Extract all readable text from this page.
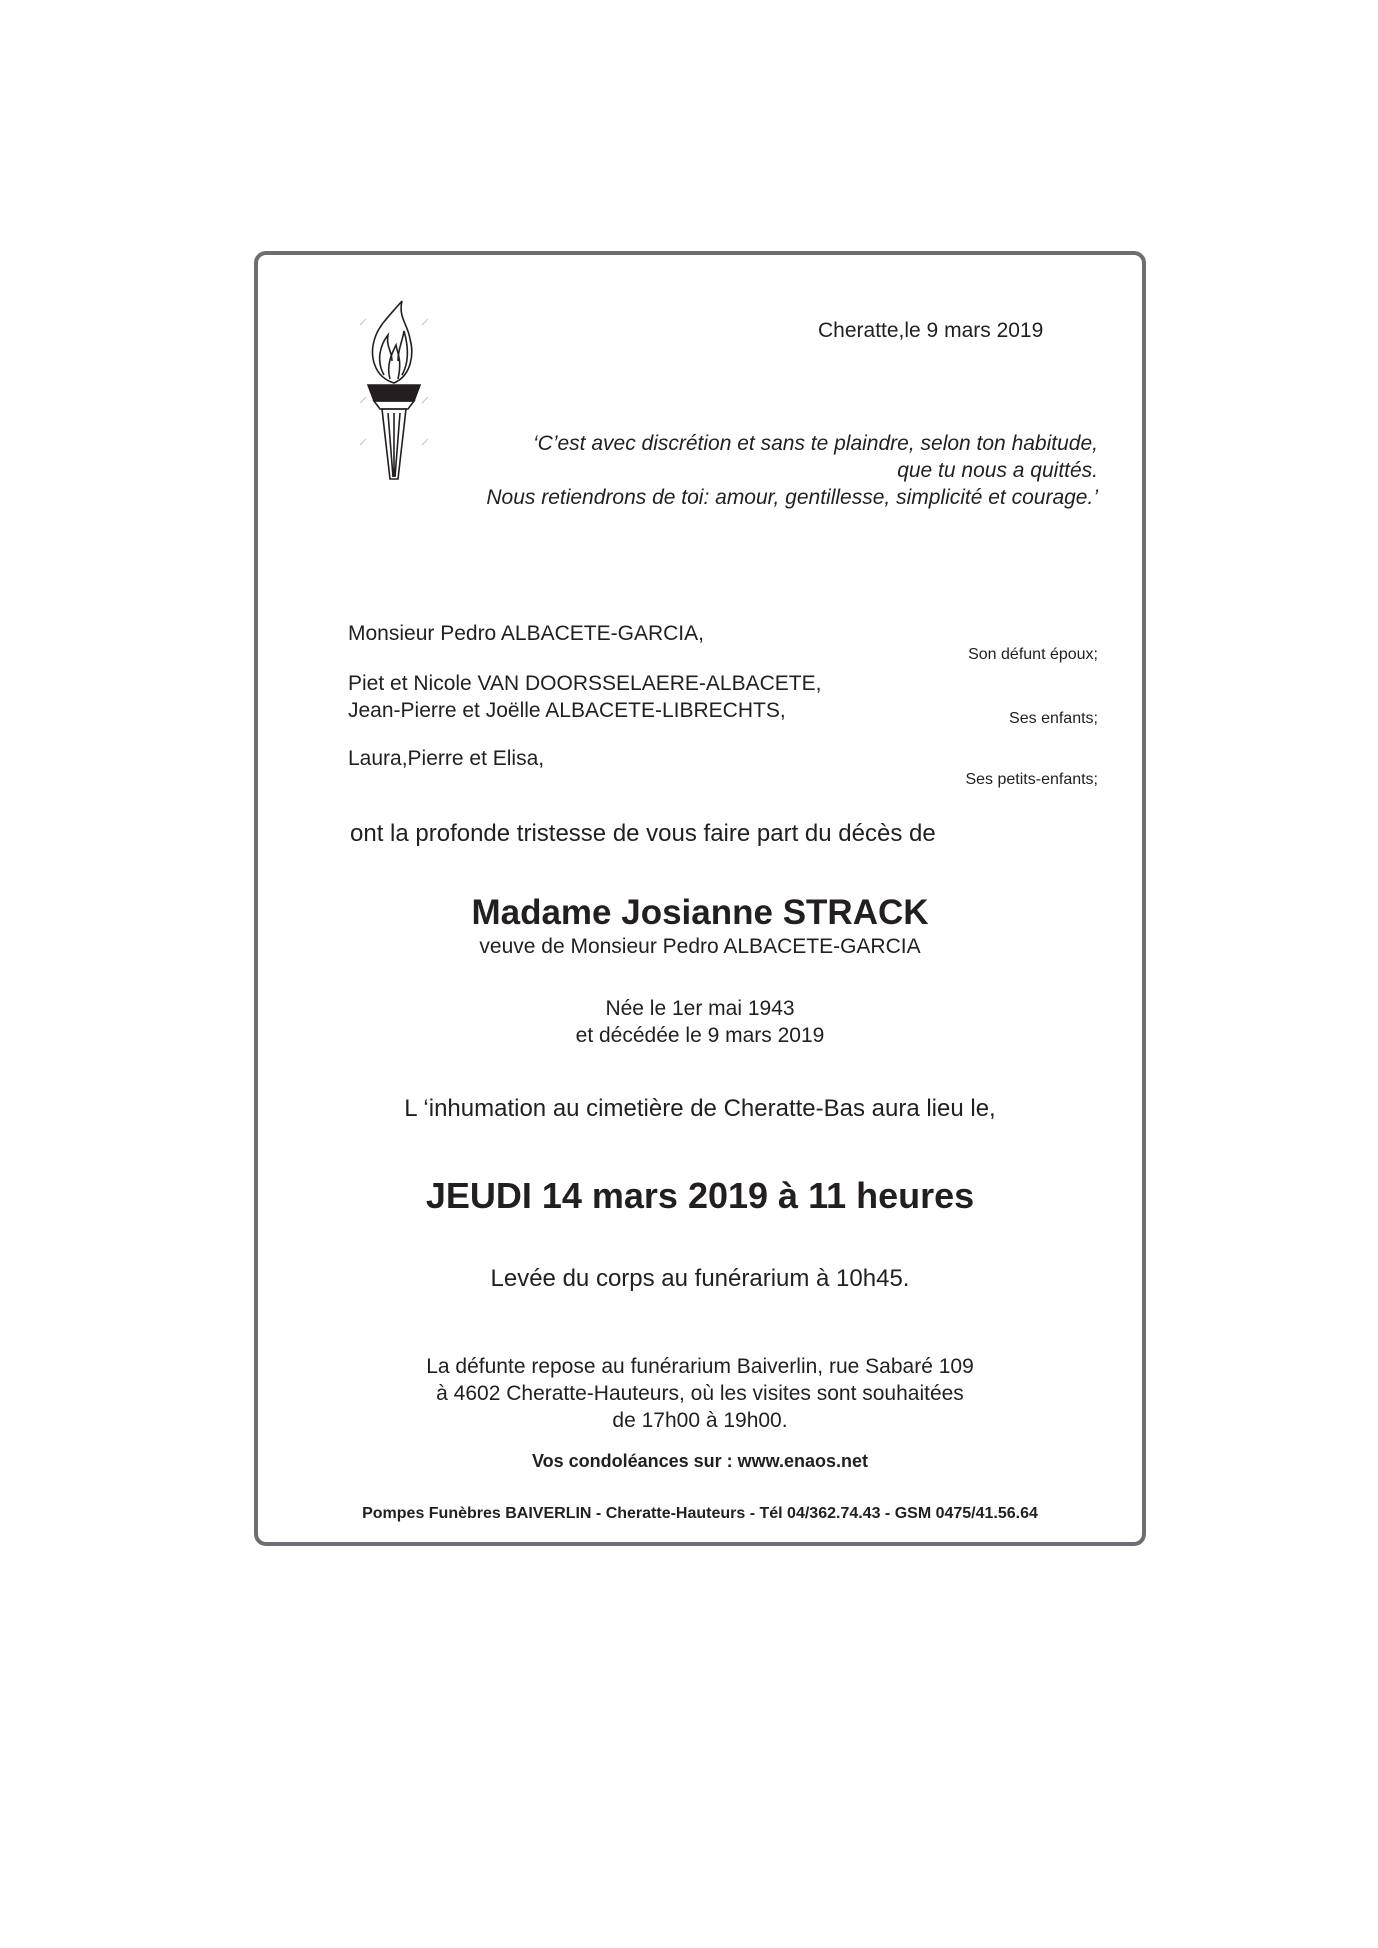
Cheratte,le 9 mars 2019
‘C’est avec discrétion et sans te plaindre, selon ton habitude,
que tu nous a quittés.
Nous retiendrons de toi: amour, gentillesse, simplicité et courage.’
Monsieur Pedro ALBACETE-GARCIA,
Son défunt époux;
Piet et Nicole VAN DOORSSELAERE-ALBACETE,
Jean-Pierre et Joëlle ALBACETE-LIBRECHTS,	Ses enfants;
Laura,Pierre et Elisa,
Ses petits-enfants;
ont la profonde tristesse de vous faire part du décès de
Madame Josianne STRACK
veuve de Monsieur Pedro ALBACETE-GARCIA
Née le 1er mai 1943
et décédée le 9 mars 2019
L ‘inhumation au cimetière de Cheratte-Bas aura lieu le,
JEUDI 14 mars 2019 à 11 heures
Levée du corps au funérarium à 10h45.
La défunte repose au funérarium Baiverlin, rue Sabaré 109
à 4602 Cheratte-Hauteurs, où les visites sont souhaitées
de 17h00 à 19h00.
Vos condoléances sur : www.enaos.net
Pompes Funèbres BAIVERLIN - Cheratte-Hauteurs - Tél 04/362.74.43 - GSM 0475/41.56.64
